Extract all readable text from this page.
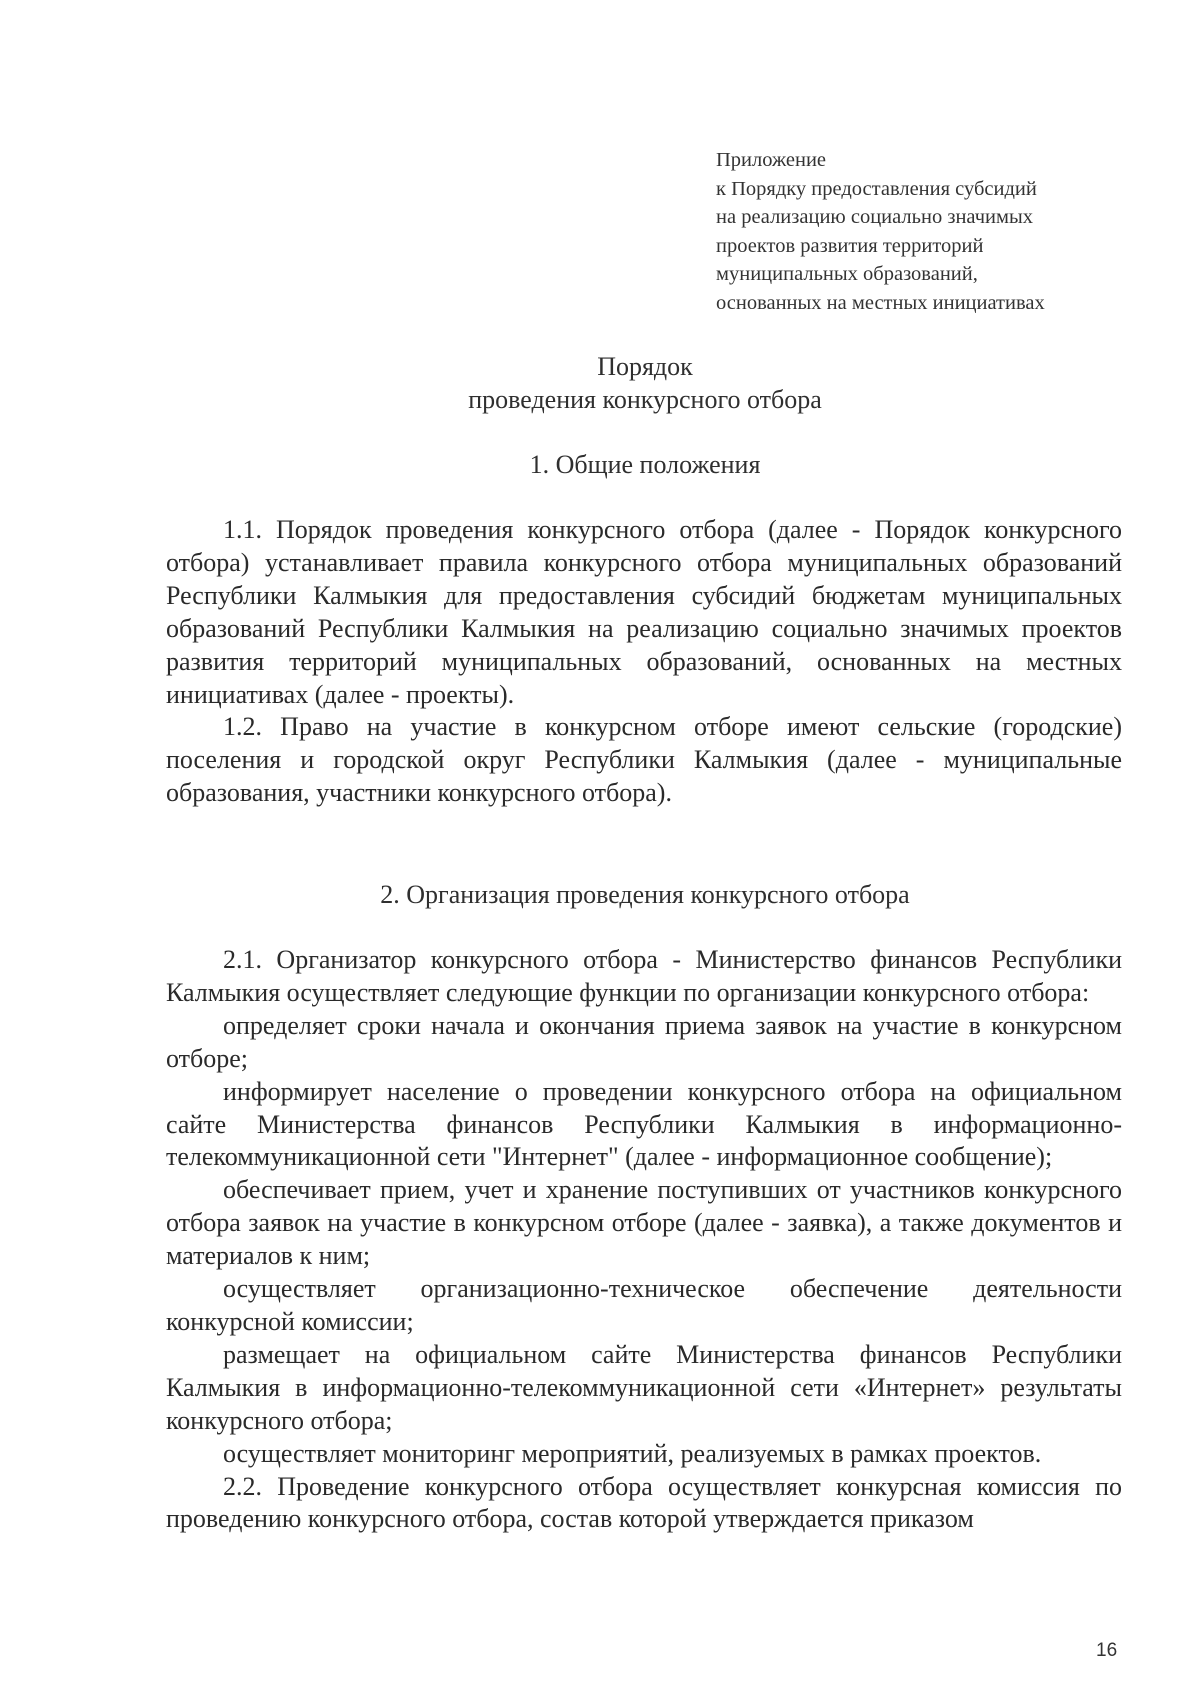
Приложение
к Порядку предоставления субсидий
на реализацию социально значимых
проектов развития территорий
муниципальных образований,
основанных на местных инициативах
Порядок
проведения конкурсного отбора
1. Общие положения

1.1. Порядок проведения конкурсного отбора (далее - Порядок конкурсного отбора) устанавливает правила конкурсного отбора муниципальных образований Республики Калмыкия для предоставления субсидий бюджетам муниципальных образований Республики Калмыкия на реализацию социально значимых проектов развития территорий муниципальных образований, основанных на местных инициативах (далее - проекты).

1.2. Право на участие в конкурсном отборе имеют сельские (городские) поселения и городской округ Республики Калмыкия (далее - муниципальные образования, участники конкурсного отбора).

2. Организация проведения конкурсного отбора

2.1. Организатор конкурсного отбора - Министерство финансов Республики Калмыкия осуществляет следующие функции по организации конкурсного отбора:

определяет сроки начала и окончания приема заявок на участие в конкурсном отборе;

информирует население о проведении конкурсного отбора на официальном сайте Министерства финансов Республики Калмыкия в информационно-телекоммуникационной сети "Интернет" (далее - информационное сообщение);

обеспечивает прием, учет и хранение поступивших от участников конкурсного отбора заявок на участие в конкурсном отборе (далее - заявка), а также документов и материалов к ним;

осуществляет организационно-техническое обеспечение деятельности конкурсной комиссии;

размещает на официальном сайте Министерства финансов Республики Калмыкия в информационно-телекоммуникационной сети «Интернет» результаты конкурсного отбора;

осуществляет мониторинг мероприятий, реализуемых в рамках проектов.

2.2. Проведение конкурсного отбора осуществляет конкурсная комиссия по проведению конкурсного отбора, состав которой утверждается приказом

16
